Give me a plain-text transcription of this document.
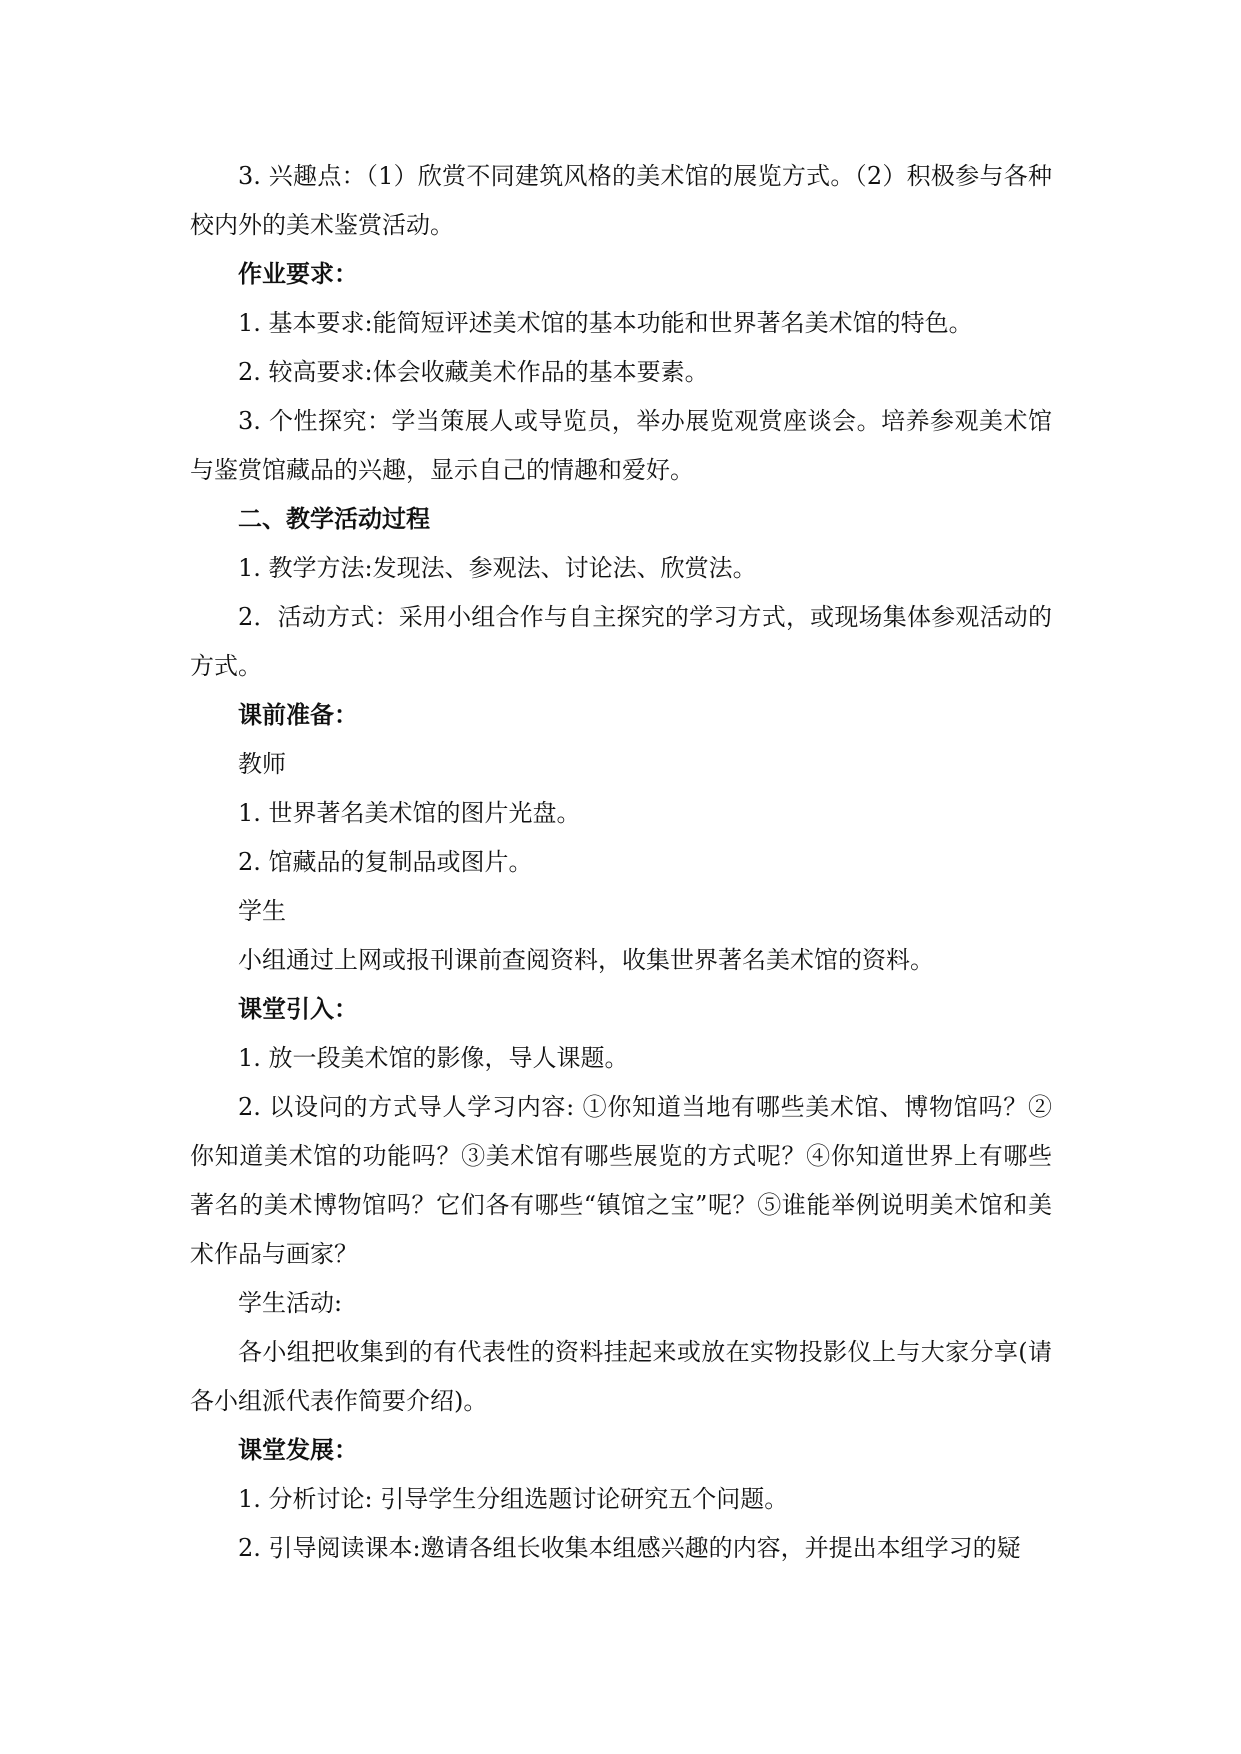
3. 兴趣点：（1）欣赏不同建筑风格的美术馆的展览方式。（2）积极参与各种校内外的美术鉴赏活动。

作业要求：

1. 基本要求:能简短评述美术馆的基本功能和世界著名美术馆的特色。

2. 较高要求:体会收藏美术作品的基本要素。

3. 个性探究：学当策展人或导览员，举办展览观赏座谈会。培养参观美术馆与鉴赏馆藏品的兴趣，显示自己的情趣和爱好。

二、教学活动过程

1. 教学方法:发现法、参观法、讨论法、欣赏法。

2．活动方式：采用小组合作与自主探究的学习方式，或现场集体参观活动的方式。

课前准备：

教师

1. 世界著名美术馆的图片光盘。

2. 馆藏品的复制品或图片。

学生

小组通过上网或报刊课前查阅资料，收集世界著名美术馆的资料。

课堂引入：

1. 放一段美术馆的影像，导人课题。

2. 以设问的方式导人学习内容: ①你知道当地有哪些美术馆、博物馆吗？②你知道美术馆的功能吗？③美术馆有哪些展览的方式呢？④你知道世界上有哪些著名的美术博物馆吗？它们各有哪些“镇馆之宝”呢？⑤谁能举例说明美术馆和美术作品与画家？

学生活动:

各小组把收集到的有代表性的资料挂起来或放在实物投影仪上与大家分享(请各小组派代表作简要介绍)。

课堂发展：

1. 分析讨论: 引导学生分组选题讨论研究五个问题。

2. 引导阅读课本:邀请各组长收集本组感兴趣的内容，并提出本组学习的疑
